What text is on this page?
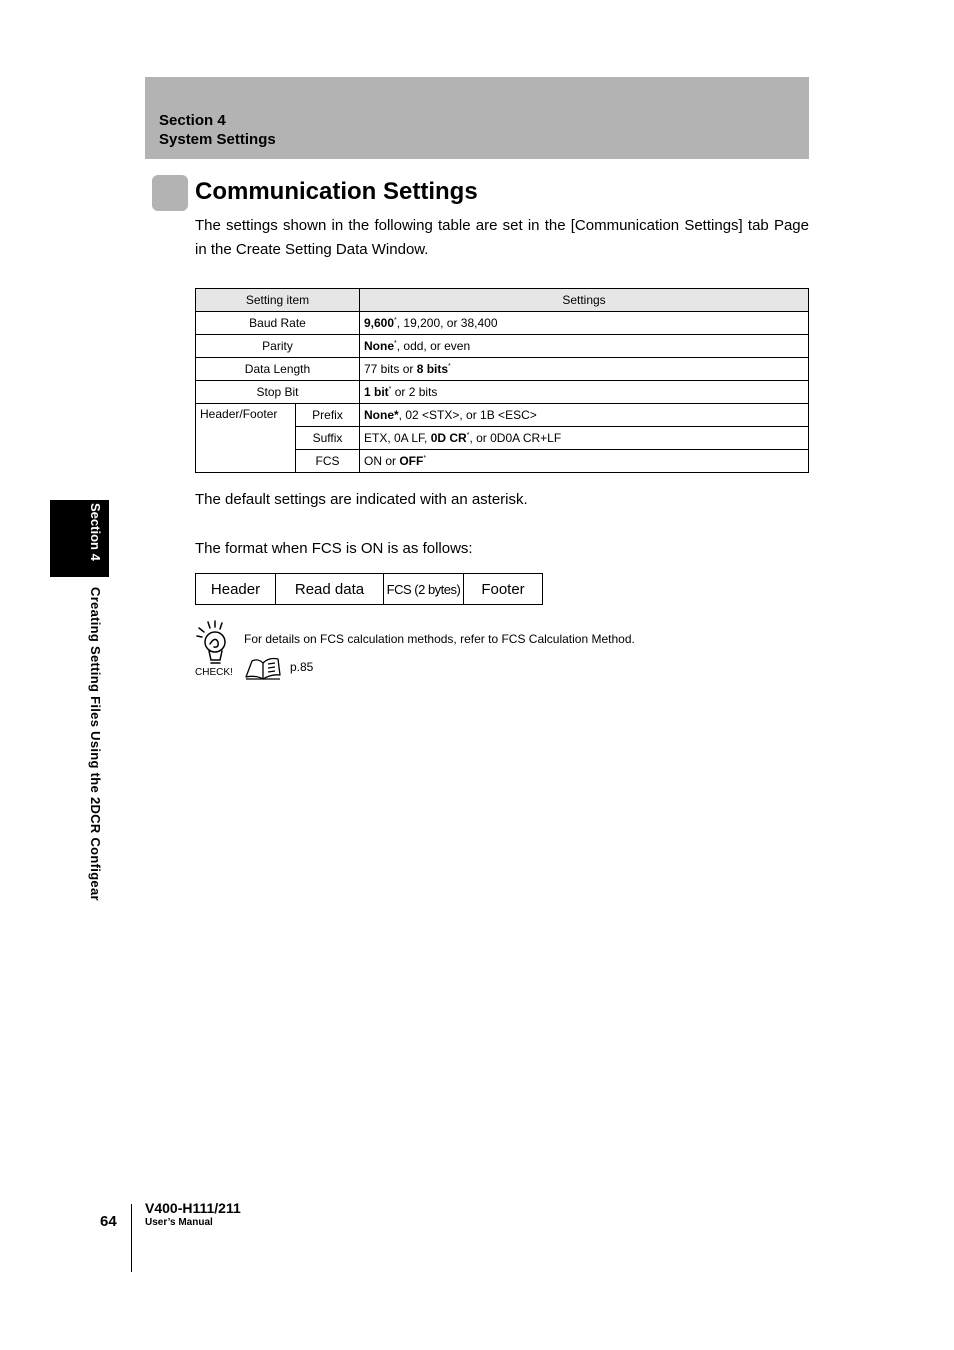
Section 4
System Settings
Communication Settings
The settings shown in the following table are set in the [Communication Settings] tab Page in the Create Setting Data Window.
Setting item		Settings
Baud Rate		9,600*, 19,200, or 38,400
Parity		None*, odd, or even
Data Length		77 bits or 8 bits*
Stop Bit		1 bit* or 2 bits
Header/Footer	Prefix	None*, 02 <STX>, or 1B <ESC>
	Suffix	ETX, 0A LF, 0D CR*, or 0D0A CR+LF
	FCS	ON or OFF*
The default settings are indicated with an asterisk.
The format when FCS is ON is as follows:
Header	Read data	FCS (2 bytes)	Footer
CHECK!
For details on FCS calculation methods, refer to FCS Calculation Method.
p.85
Section 4
Creating Setting Files Using the 2DCR Configear
64
V400-H111/211
User’s Manual
